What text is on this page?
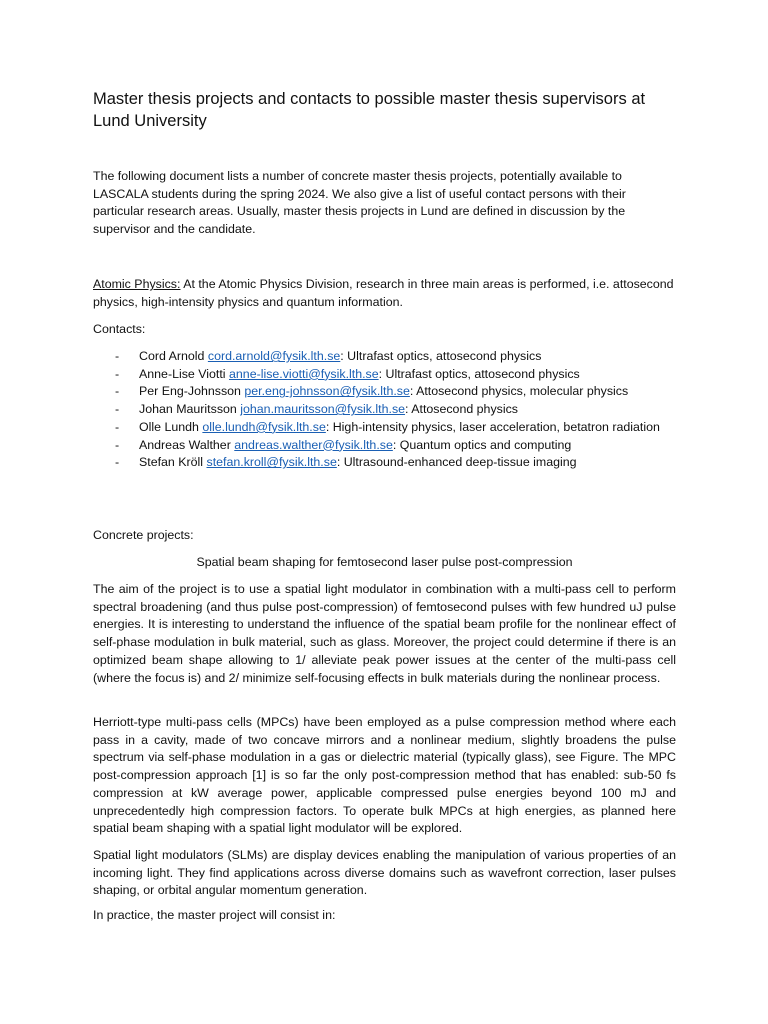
Master thesis projects and contacts to possible master thesis supervisors at Lund University

The following document lists a number of concrete master thesis projects, potentially available to LASCALA students during the spring 2024. We also give a list of useful contact persons with their particular research areas. Usually, master thesis projects in Lund are defined in discussion by the supervisor and the candidate.

Atomic Physics: At the Atomic Physics Division, research in three main areas is performed, i.e. attosecond physics, high-intensity physics and quantum information.

Contacts:

- Cord Arnold cord.arnold@fysik.lth.se: Ultrafast optics, attosecond physics
- Anne-Lise Viotti anne-lise.viotti@fysik.lth.se: Ultrafast optics, attosecond physics
- Per Eng-Johnsson per.eng-johnsson@fysik.lth.se: Attosecond physics, molecular physics
- Johan Mauritsson johan.mauritsson@fysik.lth.se: Attosecond physics
- Olle Lundh olle.lundh@fysik.lth.se: High-intensity physics, laser acceleration, betatron radiation
- Andreas Walther andreas.walther@fysik.lth.se: Quantum optics and computing
- Stefan Kröll stefan.kroll@fysik.lth.se: Ultrasound-enhanced deep-tissue imaging

Concrete projects:

Spatial beam shaping for femtosecond laser pulse post-compression

The aim of the project is to use a spatial light modulator in combination with a multi-pass cell to perform spectral broadening (and thus pulse post-compression) of femtosecond pulses with few hundred uJ pulse energies. It is interesting to understand the influence of the spatial beam profile for the nonlinear effect of self-phase modulation in bulk material, such as glass. Moreover, the project could determine if there is an optimized beam shape allowing to 1/ alleviate peak power issues at the center of the multi-pass cell (where the focus is) and 2/ minimize self-focusing effects in bulk materials during the nonlinear process.

Herriott-type multi-pass cells (MPCs) have been employed as a pulse compression method where each pass in a cavity, made of two concave mirrors and a nonlinear medium, slightly broadens the pulse spectrum via self-phase modulation in a gas or dielectric material (typically glass), see Figure. The MPC post-compression approach [1] is so far the only post-compression method that has enabled: sub-50 fs compression at kW average power, applicable compressed pulse energies beyond 100 mJ and unprecedentedly high compression factors. To operate bulk MPCs at high energies, as planned here spatial beam shaping with a spatial light modulator will be explored.

Spatial light modulators (SLMs) are display devices enabling the manipulation of various properties of an incoming light. They find applications across diverse domains such as wavefront correction, laser pulses shaping, or orbital angular momentum generation.

In practice, the master project will consist in:
